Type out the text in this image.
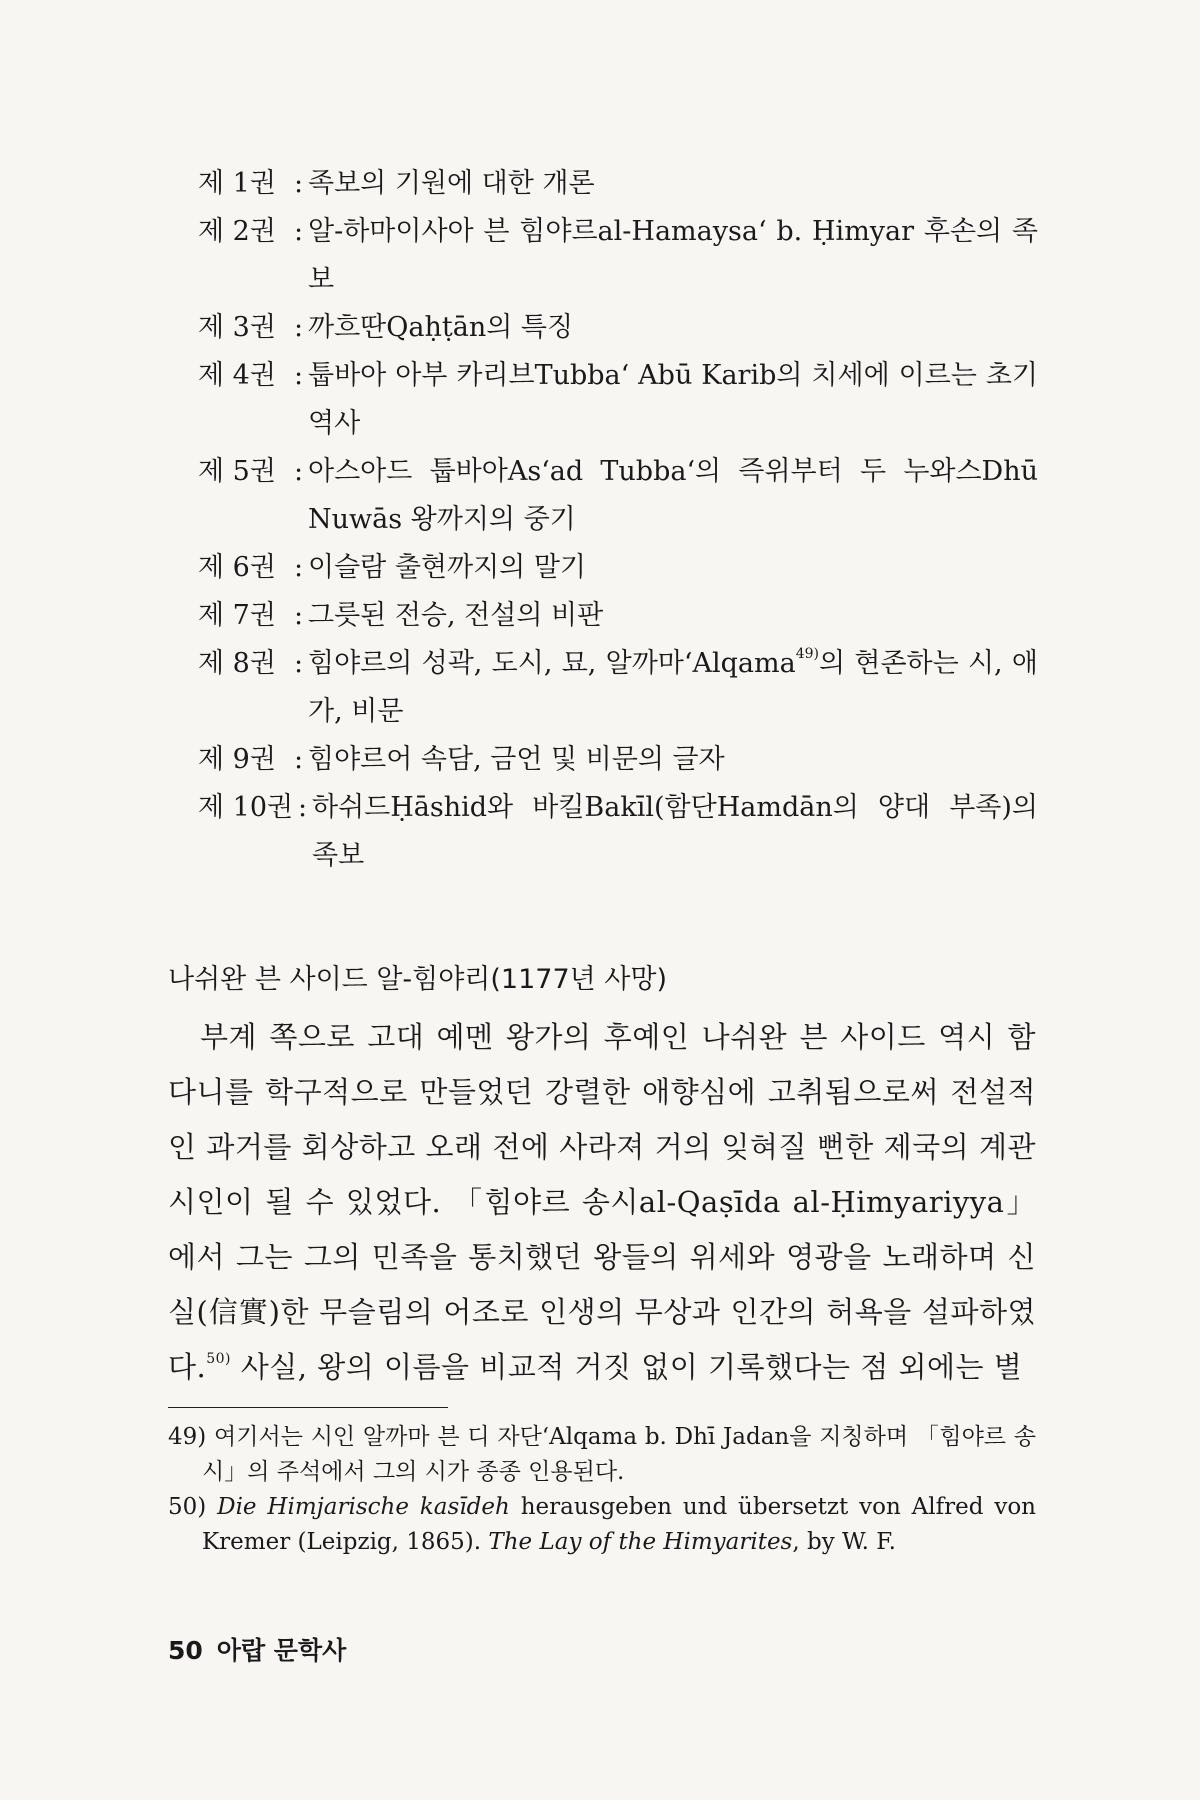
제 1권 : 족보의 기원에 대한 개론
제 2권 : 알-하마이사아 븐 힘야르al-Hamaysa‘ b. Ḥimyar 후손의 족보
제 3권 : 까흐딴Qaḥṭān의 특징
제 4권 : 툽바아 아부 카리브Tubba‘ Abū Karib의 치세에 이르는 초기 역사
제 5권 : 아스아드 툽바아As‘ad Tubba‘의 즉위부터 두 누와스Dhū Nuwās 왕까지의 중기
제 6권 : 이슬람 출현까지의 말기
제 7권 : 그릇된 전승, 전설의 비판
제 8권 : 힘야르의 성곽, 도시, 묘, 알까마‘Alqama$^{49)}$의 현존하는 시, 애가, 비문
제 9권 : 힘야르어 속담, 금언 및 비문의 글자
제 10권 : 하쉬드Ḥāshid와 바킬Bakīl(함단Hamdān의 양대 부족)의 족보
나쉬완 븐 사이드 알-힘야리(1177년 사망)

부계 쪽으로 고대 예멘 왕가의 후예인 나쉬완 븐 사이드 역시 함다니를 학구적으로 만들었던 강렬한 애향심에 고취됨으로써 전설적인 과거를 회상하고 오래 전에 사라져 거의 잊혀질 뻔한 제국의 계관시인이 될 수 있었다. 「힘야르 송시al-Qaṣīda al-Ḥimyariyya」에서 그는 그의 민족을 통치했던 왕들의 위세와 영광을 노래하며 신실(信實)한 무슬림의 어조로 인생의 무상과 인간의 허욕을 설파하였다.$^{50)}$ 사실, 왕의 이름을 비교적 거짓 없이 기록했다는 점 외에는 별

49) 여기서는 시인 알까마 븐 디 자단‘Alqama b. Dhī Jadan을 지칭하며 「힘야르 송시」의 주석에서 그의 시가 종종 인용된다.
50) Die Himjarische kasīdeh herausgeben und übersetzt von Alfred von Kremer (Leipzig, 1865). The Lay of the Himyarites, by W. F.
50 아랍 문학사
